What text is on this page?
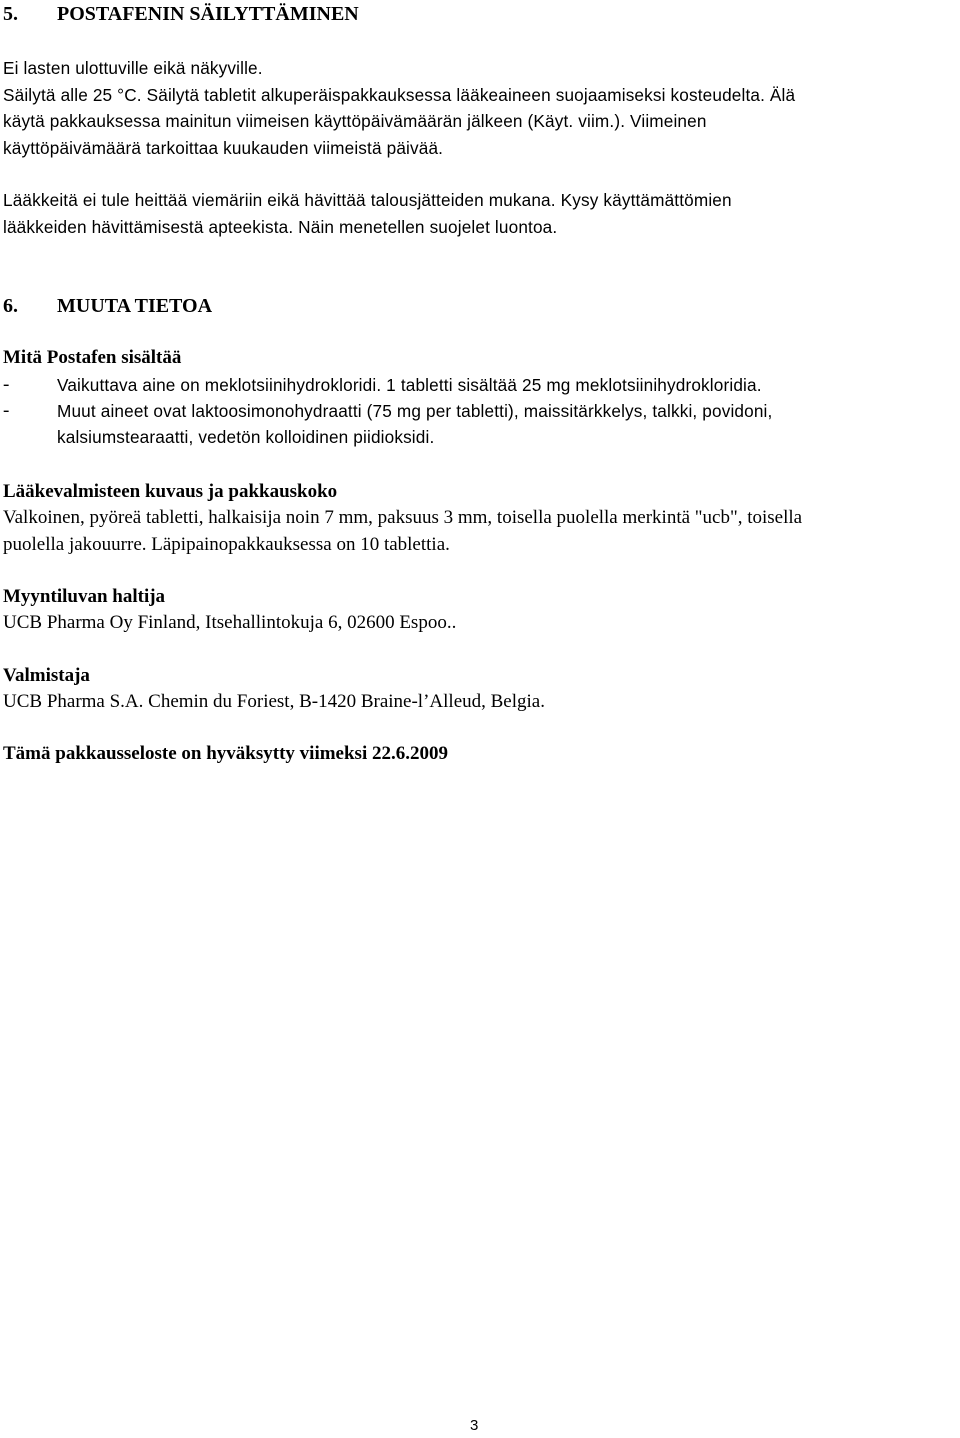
5. POSTAFENIN SÄILYTTÄMINEN
Ei lasten ulottuville eikä näkyville.
Säilytä alle 25 °C. Säilytä tabletit alkuperäispakkauksessa lääkeaineen suojaamiseksi kosteudelta. Älä
käytä pakkauksessa mainitun viimeisen käyttöpäivämäärän jälkeen (Käyt. viim.). Viimeinen
käyttöpäivämäärä tarkoittaa kuukauden viimeistä päivää.
Lääkkeitä ei tule heittää viemäriin eikä hävittää talousjätteiden mukana. Kysy käyttämättömien
lääkkeiden hävittämisestä apteekista. Näin menetellen suojelet luontoa.
6. MUUTA TIETOA
Mitä Postafen sisältää
-	Vaikuttava aine on meklotsiinihydrokloridi. 1 tabletti sisältää 25 mg meklotsiinihydrokloridia.
-	Muut aineet ovat laktoosimonohydraatti (75 mg per tabletti), maissitärkkelys, talkki, povidoni,
kalsiumstearaatti, vedetön kolloidinen piidioksidi.
Lääkevalmisteen kuvaus ja pakkauskoko
Valkoinen, pyöreä tabletti, halkaisija noin 7 mm, paksuus 3 mm, toisella puolella merkintä "ucb", toisella
puolella jakouurre. Läpipainopakkauksessa on 10 tablettia.
Myyntiluvan haltija
UCB Pharma Oy Finland, Itsehallintokuja 6, 02600 Espoo..
Valmistaja
UCB Pharma S.A. Chemin du Foriest, B-1420 Braine-l’Alleud, Belgia.
Tämä pakkausseloste on hyväksytty viimeksi 22.6.2009
3
